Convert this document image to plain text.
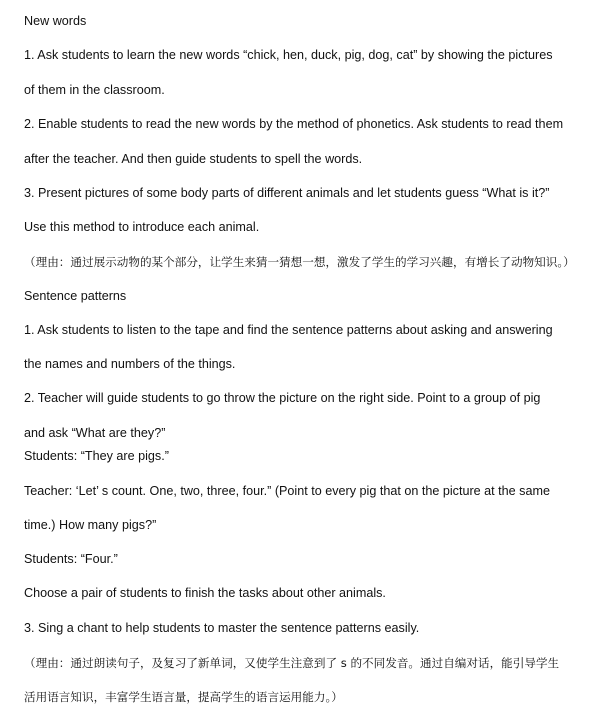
New words
1. Ask students to learn the new words “chick, hen, duck, pig, dog, cat” by showing the pictures
of them in the classroom.
2. Enable students to read the new words by the method of phonetics. Ask students to read them
after the teacher. And then guide students to spell the words.
3. Present pictures of some body parts of different animals and let students guess “What is it?”
Use this method to introduce each animal.
（理由：通过展示动物的某个部分，让学生来猜一猜想一想，激发了学生的学习兴趣，有增长了动物知识。）
Sentence patterns
1. Ask students to listen to the tape and find the sentence patterns about asking and answering
the names and numbers of the things.
2. Teacher will guide students to go throw the picture on the right side. Point to a group of pig
and ask “What are they?”
Students: “They are pigs.”
Teacher: ‘Let’ s count. One, two, three, four.” (Point to every pig that on the picture at the same
time.) How many pigs?”
Students: “Four.”
Choose a pair of students to finish the tasks about other animals.
3. Sing a chant to help students to master the sentence patterns easily.
（理由：通过朗读句子，及复习了新单词，又使学生注意到了 s 的不同发音。通过自编对话，能引导学生
活用语言知识，丰富学生语言量，提高学生的语言运用能力。）
